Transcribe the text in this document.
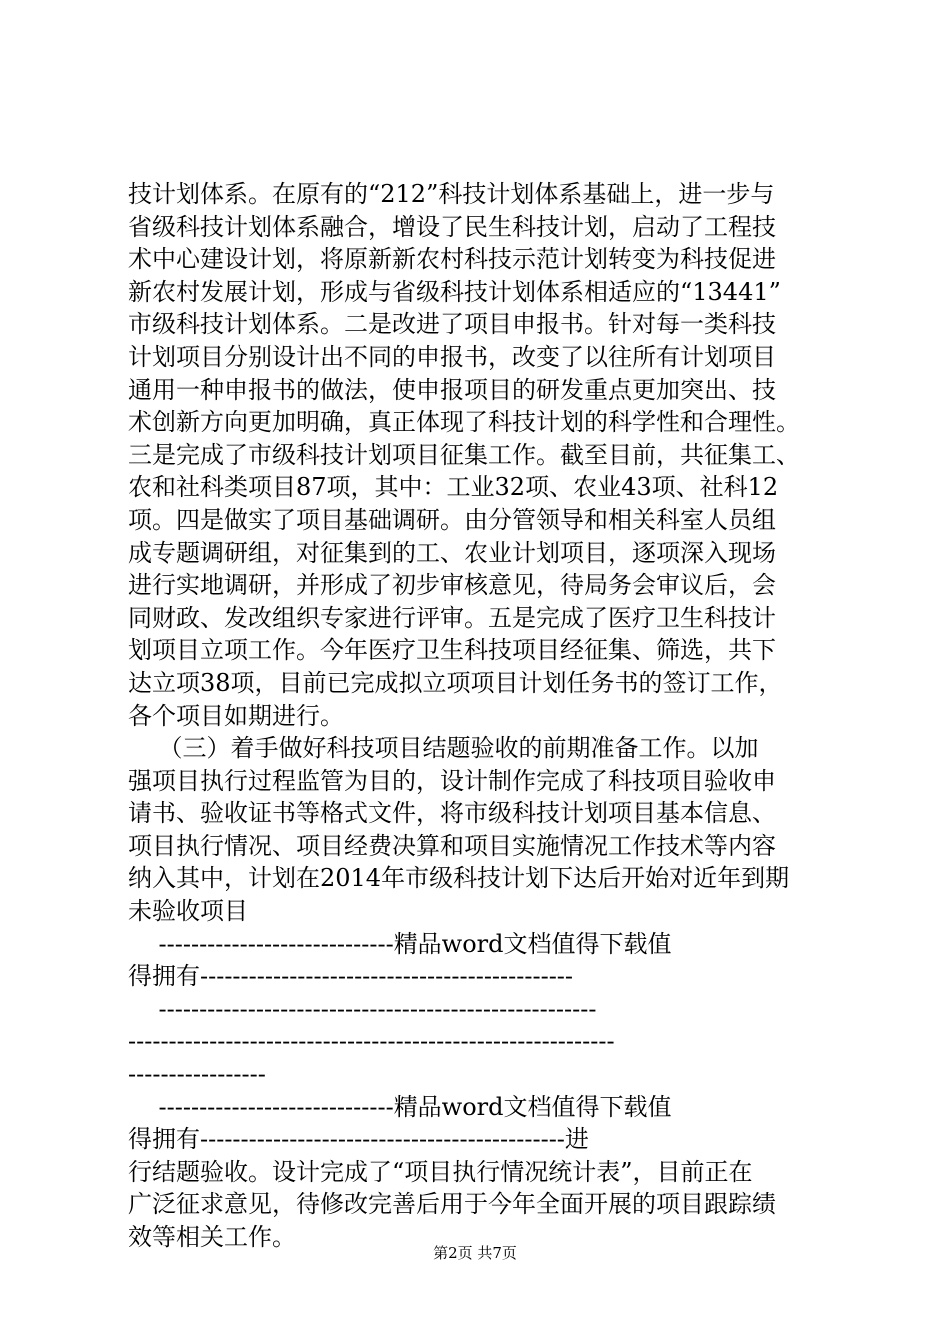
技计划体系。在原有的“212”科技计划体系基础上，进一步与
省级科技计划体系融合，增设了民生科技计划，启动了工程技
术中心建设计划，将原新新农村科技示范计划转变为科技促进
新农村发展计划，形成与省级科技计划体系相适应的“13441”
市级科技计划体系。二是改进了项目申报书。针对每一类科技
计划项目分别设计出不同的申报书，改变了以往所有计划项目
通用一种申报书的做法，使申报项目的研发重点更加突出、技
术创新方向更加明确，真正体现了科技计划的科学性和合理性。
三是完成了市级科技计划项目征集工作。截至目前，共征集工、
农和社科类项目87项，其中：工业32项、农业43项、社科12
项。四是做实了项目基础调研。由分管领导和相关科室人员组
成专题调研组，对征集到的工、农业计划项目，逐项深入现场
进行实地调研，并形成了初步审核意见，待局务会审议后，会
同财政、发改组织专家进行评审。五是完成了医疗卫生科技计
划项目立项工作。今年医疗卫生科技项目经征集、筛选，共下
达立项38项，目前已完成拟立项项目计划任务书的签订工作，
各个项目如期进行。
（三）着手做好科技项目结题验收的前期准备工作。以加
强项目执行过程监管为目的，设计制作完成了科技项目验收申
请书、验收证书等格式文件，将市级科技计划项目基本信息、
项目执行情况、项目经费决算和项目实施情况工作技术等内容
纳入其中，计划在2014年市级科技计划下达后开始对近年到期
未验收项目
-----------------------------精品word文档值得下载值
得拥有----------------------------------------------
------------------------------------------------------
------------------------------------------------------------
-----------------
-----------------------------精品word文档值得下载值
得拥有---------------------------------------------进
行结题验收。设计完成了“项目执行情况统计表”，目前正在
广泛征求意见，待修改完善后用于今年全面开展的项目跟踪绩
效等相关工作。
第2页 共7页
